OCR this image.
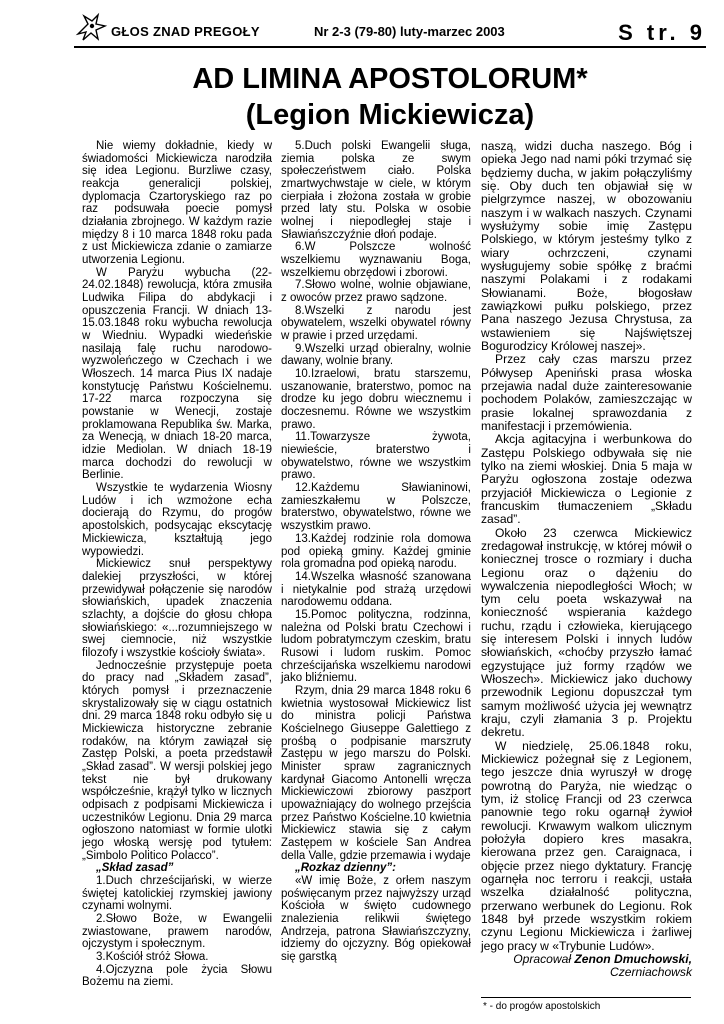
GŁOS ZNAD PREGOŁY	Nr 2-3 (79-80) luty-marzec 2003	S tr. 9
AD LIMINA APOSTOLORUM*
(Legion Mickiewicza)

Nie wiemy dokładnie, kiedy w świadomości Mickiewicza narodziła się idea Legionu. Burzliwe czasy, reakcja generalicji polskiej, dyplomacja Czartoryskiego raz po raz podsuwała poecie pomysł działania zbrojnego. W każdym razie między 8 i 10 marca 1848 roku pada z ust Mickiewicza zdanie o zamiarze utworzenia Legionu.

W Paryżu wybucha (22-24.02.1848) rewolucja, która zmusiła Ludwika Filipa do abdykacji i opuszczenia Francji. W dniach 13-15.03.1848 roku wybucha rewolucja w Wiedniu. Wypadki wiedeńskie nasilają falę ruchu narodowo-wyzwoleńczego w Czechach i we Włoszech. 14 marca Pius IX nadaje konstytucję Państwu Kościelnemu. 17-22 marca rozpoczyna się powstanie w Wenecji, zostaje proklamowana Republika św. Marka, za Wenecją, w dniach 18-20 marca, idzie Mediolan. W dniach 18-19 marca dochodzi do rewolucji w Berlinie.

Wszystkie te wydarzenia Wiosny Ludów i ich wzmożone echa docierają do Rzymu, do progów apostolskich, podsycając ekscytację Mickiewicza, kształtują jego wypowiedzi.

Mickiewicz snuł perspektywy dalekiej przyszłości, w której przewidywał połączenie się narodów słowiańskich, upadek znaczenia szlachty, a dojście do głosu chłopa słowiańskiego: «...rozumniejszego w swej ciemnocie, niż wszystkie filozofy i wszystkie kościoły świata».

Jednocześnie przystępuje poeta do pracy nad „Składem zasad”, których pomysł i przeznaczenie skrystalizowały się w ciągu ostatnich dni. 29 marca 1848 roku odbyło się u Mickiewicza historyczne zebranie rodaków, na którym zawiązał się Zastęp Polski, a poeta przedstawił „Skład zasad”. W wersji polskiej jego tekst nie był drukowany współcześnie, krążył tylko w licznych odpisach z podpisami Mickiewicza i uczestników Legionu. Dnia 29 marca ogłoszono natomiast w formie ulotki jego włoską wersję pod tytułem: „Simbolo Politico Polacco”.

„Skład zasad”

1.Duch chrześcijański, w wierze świętej katolickiej rzymskiej jawiony czynami wolnymi.

2.Słowo Boże, w Ewangelii zwiastowane, prawem narodów, ojczystym i społecznym.

3.Kościół stróż Słowa.

4.Ojczyzna pole życia Słowu Bożemu na ziemi.

5.Duch polski Ewangelii sługa, ziemia polska ze swym społeczeństwem ciało. Polska zmartwychwstaje w ciele, w którym cierpiała i złożona została w grobie przed laty stu. Polska w osobie wolnej i niepodległej staje i Sławiańszczyźnie dłoń podaje.

6.W Polszcze wolność wszelkiemu wyznawaniu Boga, wszelkiemu obrzędowi i zborowi.

7.Słowo wolne, wolnie objawiane, z owoców przez prawo sądzone.

8.Wszelki z narodu jest obywatelem, wszelki obywatel równy w prawie i przed urzędami.

9.Wszelki urząd obieralny, wolnie dawany, wolnie brany.

10.Izraelowi, bratu starszemu, uszanowanie, braterstwo, pomoc na drodze ku jego dobru wiecznemu i doczesnemu. Równe we wszystkim prawo.

11.Towarzysze żywota, niewieście, braterstwo i obywatelstwo, równe we wszystkim prawo.

12.Każdemu Sławianinowi, zamieszkałemu w Polszcze, braterstwo, obywatelstwo, równe we wszystkim prawo.

13.Każdej rodzinie rola domowa pod opieką gminy. Każdej gminie rola gromadna pod opieką narodu.

14.Wszelka własność szanowana i nietykalnie pod strażą urzędowi narodowemu oddana.

15.Pomoc polityczna, rodzinna, należna od Polski bratu Czechowi i ludom pobratymczym czeskim, bratu Rusowi i ludom ruskim. Pomoc chrześcijańska wszelkiemu narodowi jako bliźniemu.

Rzym, dnia 29 marca 1848 roku 6 kwietnia wystosował Mickiewicz list do ministra policji Państwa Kościelnego Giuseppe Galettiego z prośbą o podpisanie marszruty Zastępu w jego marszu do Polski. Minister spraw zagranicznych kardynał Giacomo Antonelli wręcza Mickiewiczowi zbiorowy paszport upoważniający do wolnego przejścia przez Państwo Kościelne.10 kwietnia Mickiewicz stawia się z całym Zastępem w kościele San Andrea della Valle, gdzie przemawia i wydaje

„Rozkaz dzienny”:

«W imię Boże, z orłem naszym poświęcanym przez najwyższy urząd Kościoła w święto cudownego znalezienia relikwii świętego Andrzeja, patrona Sławiańszczyzny, idziemy do ojczyzny. Bóg opiekował się garstką

naszą, widzi ducha naszego. Bóg i opieka Jego nad nami póki trzymać się będziemy ducha, w jakim połączyliśmy się. Oby duch ten objawiał się w pielgrzymce naszej, w obozowaniu naszym i w walkach naszych. Czynami wysłużymy sobie imię Zastępu Polskiego, w którym jesteśmy tylko z wiary ochrzczeni, czynami wysługujemy sobie spółkę z braćmi naszymi Polakami i z rodakami Słowianami. Boże, błogosław zawiązkowi pułku polskiego, przez Pana naszego Jezusa Chrystusa, za wstawieniem się Najświętszej Bogurodzicy Królowej naszej».

Przez cały czas marszu przez Półwysep Apeniński prasa włoska przejawia nadal duże zainteresowanie pochodem Polaków, zamieszczając w prasie lokalnej sprawozdania z manifestacji i przemówienia.

Akcja agitacyjna i werbunkowa do Zastępu Polskiego odbywała się nie tylko na ziemi włoskiej. Dnia 5 maja w Paryżu ogłoszona zostaje odezwa przyjaciół Mickiewicza o Legionie z francuskim tłumaczeniem „Składu zasad”.

Około 23 czerwca Mickiewicz zredagował instrukcję, w której mówił o koniecznej trosce o rozmiary i ducha Legionu oraz o dążeniu do wywalczenia niepodległości Włoch; w tym celu poeta wskazywał na konieczność wspierania każdego ruchu, rządu i człowieka, kierującego się interesem Polski i innych ludów słowiańskich, «choćby przyszło łamać egzystujące już formy rządów we Włoszech». Mickiewicz jako duchowy przewodnik Legionu dopuszczał tym samym możliwość użycia jej wewnątrz kraju, czyli złamania 3 p. Projektu dekretu.

W niedzielę, 25.06.1848 roku, Mickiewicz pożegnał się z Legionem, tego jeszcze dnia wyruszył w drogę powrotną do Paryża, nie wiedząc o tym, iż stolicę Francji od 23 czerwca panownie tego roku ogarnął żywioł rewolucji. Krwawym walkom ulicznym położyła dopiero kres masakra, kierowana przez gen. Caraignaca, i objęcie przez niego dyktatury. Francję ogarnęła noc terroru i reakcji, ustała wszelka działalność polityczna, przerwano werbunek do Legionu. Rok 1848 był przede wszystkim rokiem czynu Legionu Mickiewicza i żarliwej jego pracy w «Trybunie Ludów».

Opracował Zenon Dmuchowski,

Czerniachowsk

* - do progów apostolskich
